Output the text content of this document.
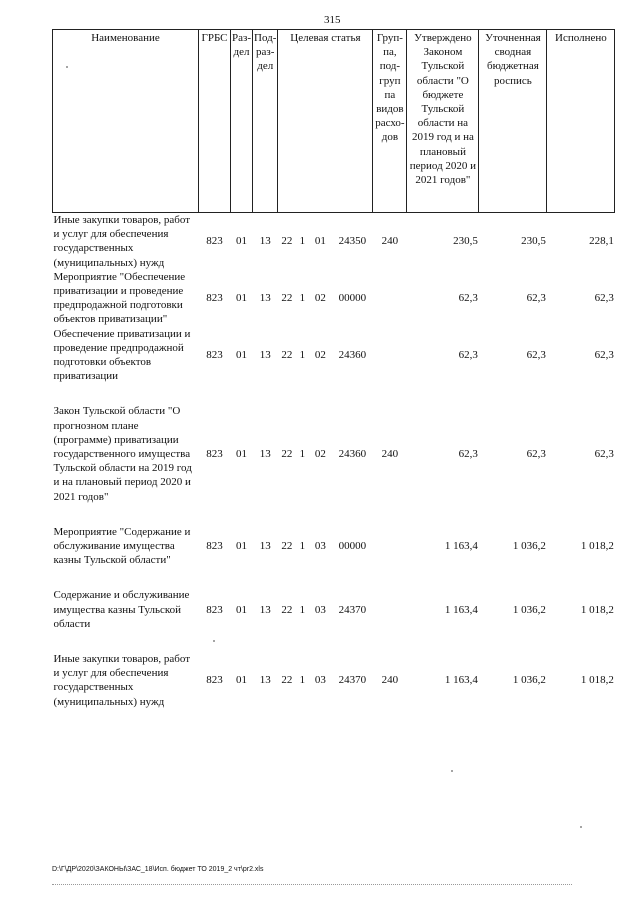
315
Наименование	ГРБС	Раз-дел	Под-раз-дел	Целевая статья				Груп-па, под-груп па видов расхо-дов	Утверждено Законом Тульской области "О бюджете Тульской области на 2019 год и на плановый период 2020 и 2021 годов"	Уточненная сводная бюджетная роспись	Исполнено
Иные закупки товаров, работ и услуг для обеспечения государственных (муниципальных) нужд	823	01	13	22	1	01	24350	240	230,5	230,5	228,1
Мероприятие "Обеспечение приватизации и проведение предпродажной подготовки объектов приватизации"	823	01	13	22	1	02	00000		62,3	62,3	62,3
Обеспечение приватизации и проведение предпродажной подготовки объектов приватизации	823	01	13	22	1	02	24360		62,3	62,3	62,3

Закон Тульской области "О прогнозном плане (программе) приватизации государственного имущества Тульской области на 2019 год и на плановый период 2020 и 2021 годов"	823	01	13	22	1	02	24360	240	62,3	62,3	62,3

Мероприятие "Содержание и обслуживание имущества казны Тульской области"	823	01	13	22	1	03	00000		1 163,4	1 036,2	1 018,2

Содержание и обслуживание имущества казны Тульской области	823	01	13	22	1	03	24370		1 163,4	1 036,2	1 018,2

Иные закупки товаров, работ и услуг для обеспечения государственных (муниципальных) нужд	823	01	13	22	1	03	24370	240	1 163,4	1 036,2	1 018,2
D:\Г\ДР\2020\ЗАКОНЫ\ЗАС_18\Исп. бюджет ТО 2019_2 чт\pr2.xls
